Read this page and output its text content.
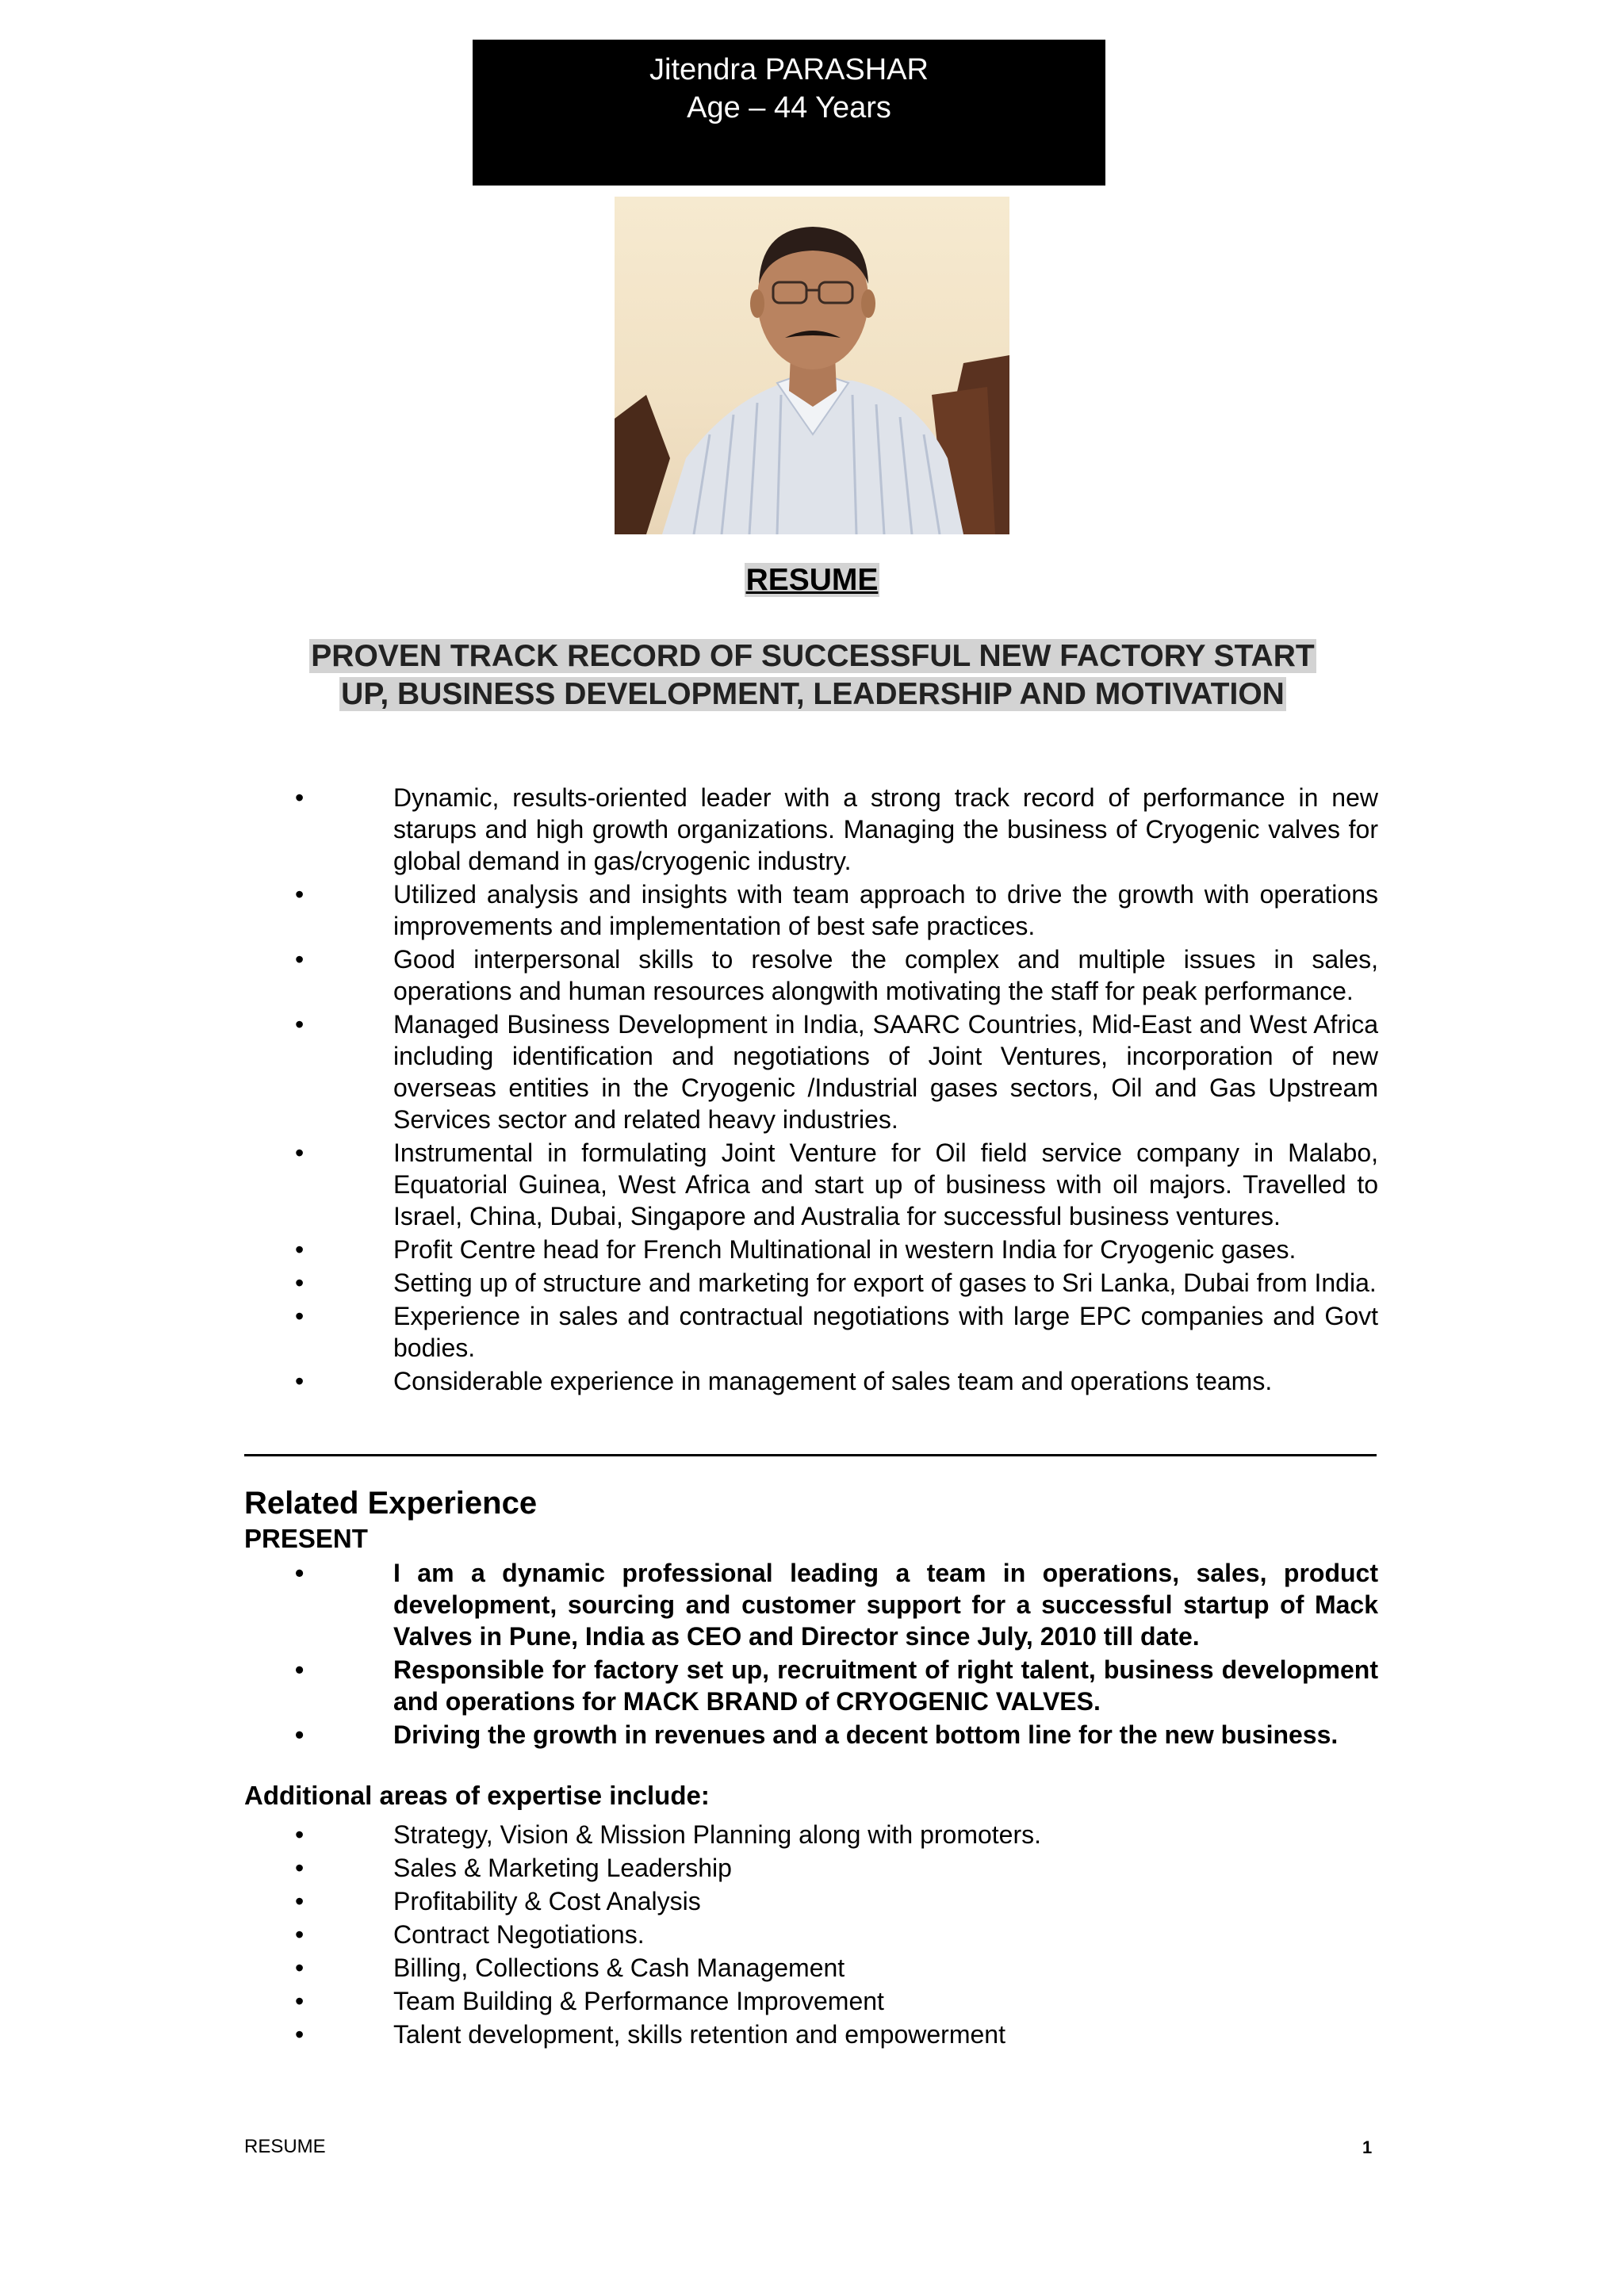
Jitendra PARASHAR
Age – 44 Years
RESUME
PROVEN TRACK RECORD OF SUCCESSFUL NEW FACTORY START
UP, BUSINESS DEVELOPMENT, LEADERSHIP AND MOTIVATION
• Dynamic, results-oriented leader with a strong track record of performance in new starups and high growth organizations. Managing the business of Cryogenic valves for global demand in gas/cryogenic industry.
• Utilized analysis and insights with team approach to drive the growth with operations improvements and implementation of best safe practices.
• Good interpersonal skills to resolve the complex and multiple issues in sales, operations and human resources alongwith motivating the staff for peak performance.
• Managed Business Development in India, SAARC Countries, Mid-East and West Africa including identification and negotiations of Joint Ventures, incorporation of new overseas entities in the Cryogenic /Industrial gases sectors, Oil and Gas Upstream Services sector and related heavy industries.
• Instrumental in formulating Joint Venture for Oil field service company in Malabo, Equatorial Guinea, West Africa and start up of business with oil majors. Travelled to Israel, China, Dubai, Singapore and Australia for successful business ventures.
• Profit Centre head for French Multinational in western India for Cryogenic gases.
• Setting up of structure and marketing for export of gases to Sri Lanka, Dubai from India.
• Experience in sales and contractual negotiations with large EPC companies and Govt bodies.
• Considerable experience in management of sales team and operations teams.
Related Experience
PRESENT
• I am a dynamic professional leading a team in operations, sales, product development, sourcing and customer support for a successful startup of Mack Valves in Pune, India as CEO and Director since July, 2010 till date.
• Responsible for factory set up, recruitment of right talent, business development and operations for MACK BRAND of CRYOGENIC VALVES.
• Driving the growth in revenues and a decent bottom line for the new business.
Additional areas of expertise include:
• Strategy, Vision & Mission Planning along with promoters.
• Sales & Marketing Leadership
• Profitability & Cost Analysis
• Contract Negotiations.
• Billing, Collections & Cash Management
• Team Building & Performance Improvement
• Talent development, skills retention and empowerment
RESUME	1
